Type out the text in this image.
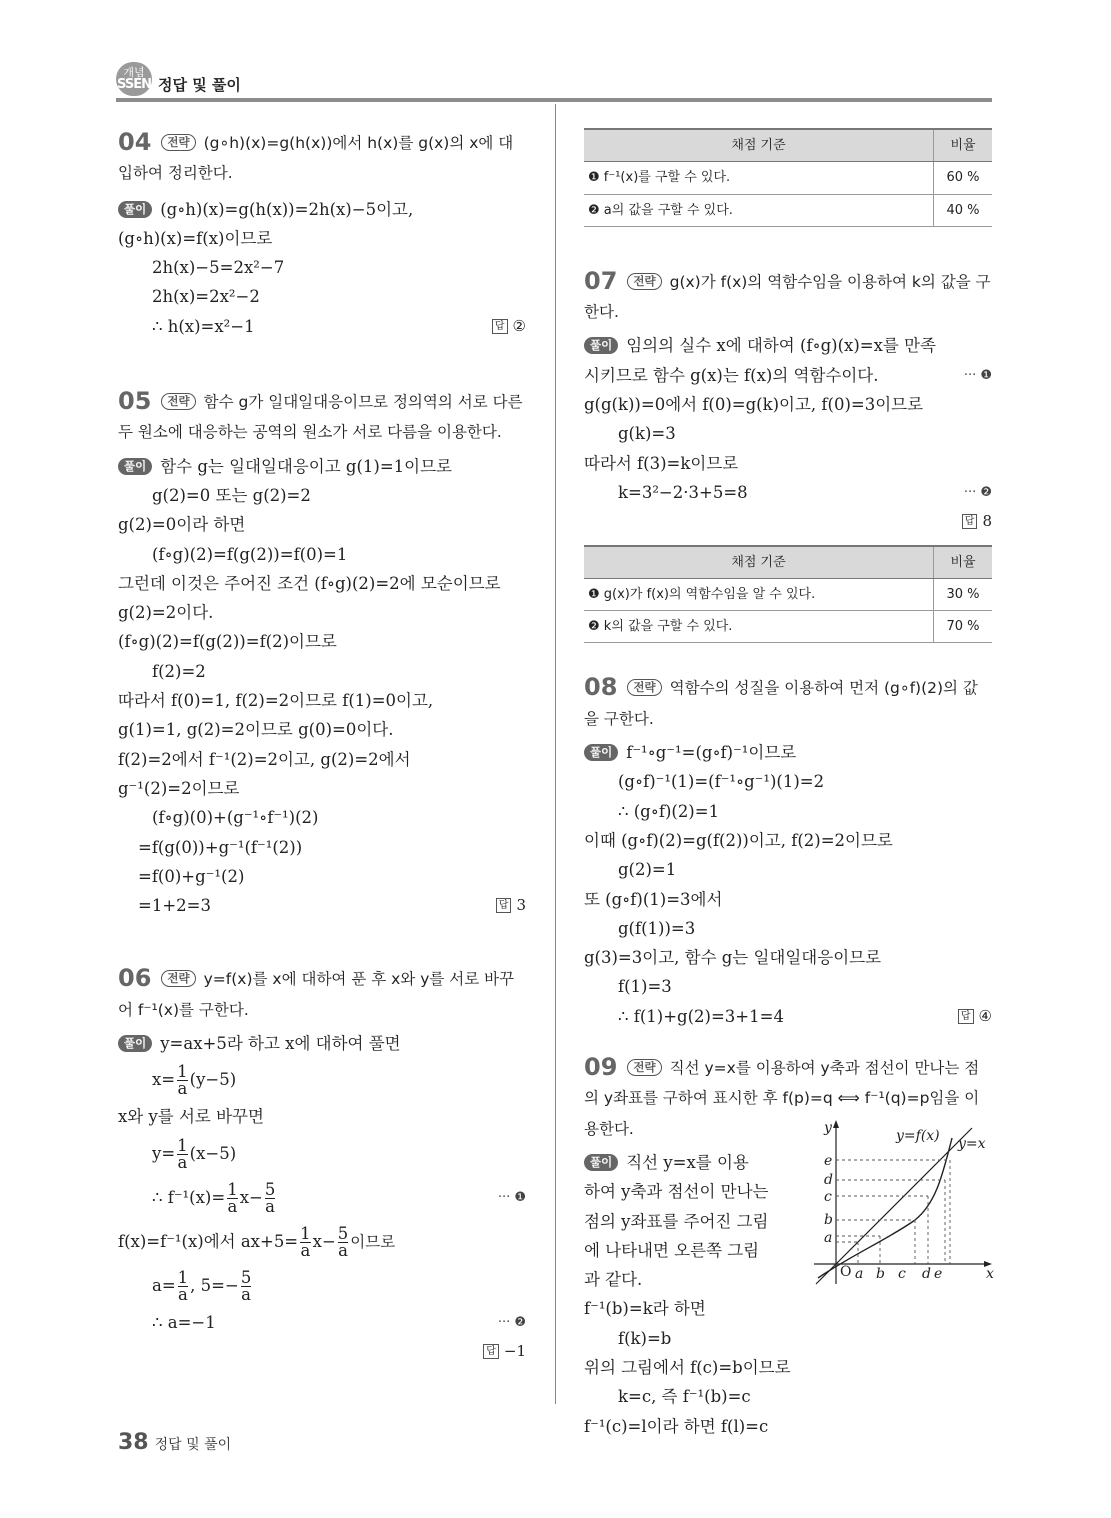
개념
SSEN 정답 및 풀이
04 전략 (g∘h)(x)=g(h(x))에서 h(x)를 g(x)의 x에 대입하여 정리한다.
풀이 (g∘h)(x)=g(h(x))=2h(x)−5이고,
(g∘h)(x)=f(x)이므로
2h(x)−5=2x²−7
2h(x)=2x²−2
∴ h(x)=x²−1	답 ②
05 전략 함수 g가 일대일대응이므로 정의역의 서로 다른 두 원소에 대응하는 공역의 원소가 서로 다름을 이용한다.
풀이 함수 g는 일대일대응이고 g(1)=1이므로
g(2)=0 또는 g(2)=2
g(2)=0이라 하면
(f∘g)(2)=f(g(2))=f(0)=1
그런데 이것은 주어진 조건 (f∘g)(2)=2에 모순이므로 g(2)=2이다.
(f∘g)(2)=f(g(2))=f(2)이므로
f(2)=2
따라서 f(0)=1, f(2)=2이므로 f(1)=0이고,
g(1)=1, g(2)=2이므로 g(0)=0이다.
f(2)=2에서 f⁻¹(2)=2이고, g(2)=2에서
g⁻¹(2)=2이므로
(f∘g)(0)+(g⁻¹∘f⁻¹)(2)
=f(g(0))+g⁻¹(f⁻¹(2))
=f(0)+g⁻¹(2)
=1+2=3	답 3
06 전략 y=f(x)를 x에 대하여 푼 후 x와 y를 서로 바꾸어 f⁻¹(x)를 구한다.
풀이 y=ax+5라 하고 x에 대하여 풀면
$x= \frac{1}{a} (y-5)$
x와 y를 서로 바꾸면
$y= \frac{1}{a} (x-5)$
∴ $f^{-1}(x)= \frac{1}{a} x- \frac{5}{a}$	··· ❶
f(x)=f⁻¹(x)에서 $ax+5= \frac{1}{a} x- \frac{5}{a}$ 이므로
$a= \frac{1}{a}$ , $5=- \frac{5}{a}$
∴ a=−1	··· ❷
답 −1
채점 기준	비율
❶ f⁻¹(x)를 구할 수 있다.	60 %
❷ a의 값을 구할 수 있다.	40 %
07 전략 g(x)가 f(x)의 역함수임을 이용하여 k의 값을 구한다.
풀이 임의의 실수 x에 대하여 (f∘g)(x)=x를 만족
시키므로 함수 g(x)는 f(x)의 역함수이다.	··· ❶
g(g(k))=0에서 f(0)=g(k)이고, f(0)=3이므로
g(k)=3
따라서 f(3)=k이므로
k=3²−2·3+5=8	··· ❷
답 8
채점 기준	비율
❶ g(x)가 f(x)의 역함수임을 알 수 있다.	30 %
❷ k의 값을 구할 수 있다.	70 %
08 전략 역함수의 성질을 이용하여 먼저 (g∘f)(2)의 값을 구한다.
풀이 f⁻¹∘g⁻¹=(g∘f)⁻¹이므로
(g∘f)⁻¹(1)=(f⁻¹∘g⁻¹)(1)=2
∴ (g∘f)(2)=1
이때 (g∘f)(2)=g(f(2))이고, f(2)=2이므로
g(2)=1
또 (g∘f)(1)=3에서
g(f(1))=3
g(3)=3이고, 함수 g는 일대일대응이므로
f(1)=3
∴ f(1)+g(2)=3+1=4	답 ④
09 전략 직선 y=x를 이용하여 y축과 점선이 만나는 점의 y좌표를 구하여 표시한 후 f(p)=q ⟺ f⁻¹(q)=p임을 이용한다.
풀이 직선 y=x를 이용
하여 y축과 점선이 만나는
점의 y좌표를 주어진 그림
에 나타내면 오른쪽 그림
과 같다.
f⁻¹(b)=k라 하면
f(k)=b
위의 그림에서 f(c)=b이므로
k=c, 즉 f⁻¹(b)=c
f⁻¹(c)=l이라 하면 f(l)=c
y
x
O
y=f(x) y=x
a
b
c
d
e
a b c d e
38 정답 및 풀이
